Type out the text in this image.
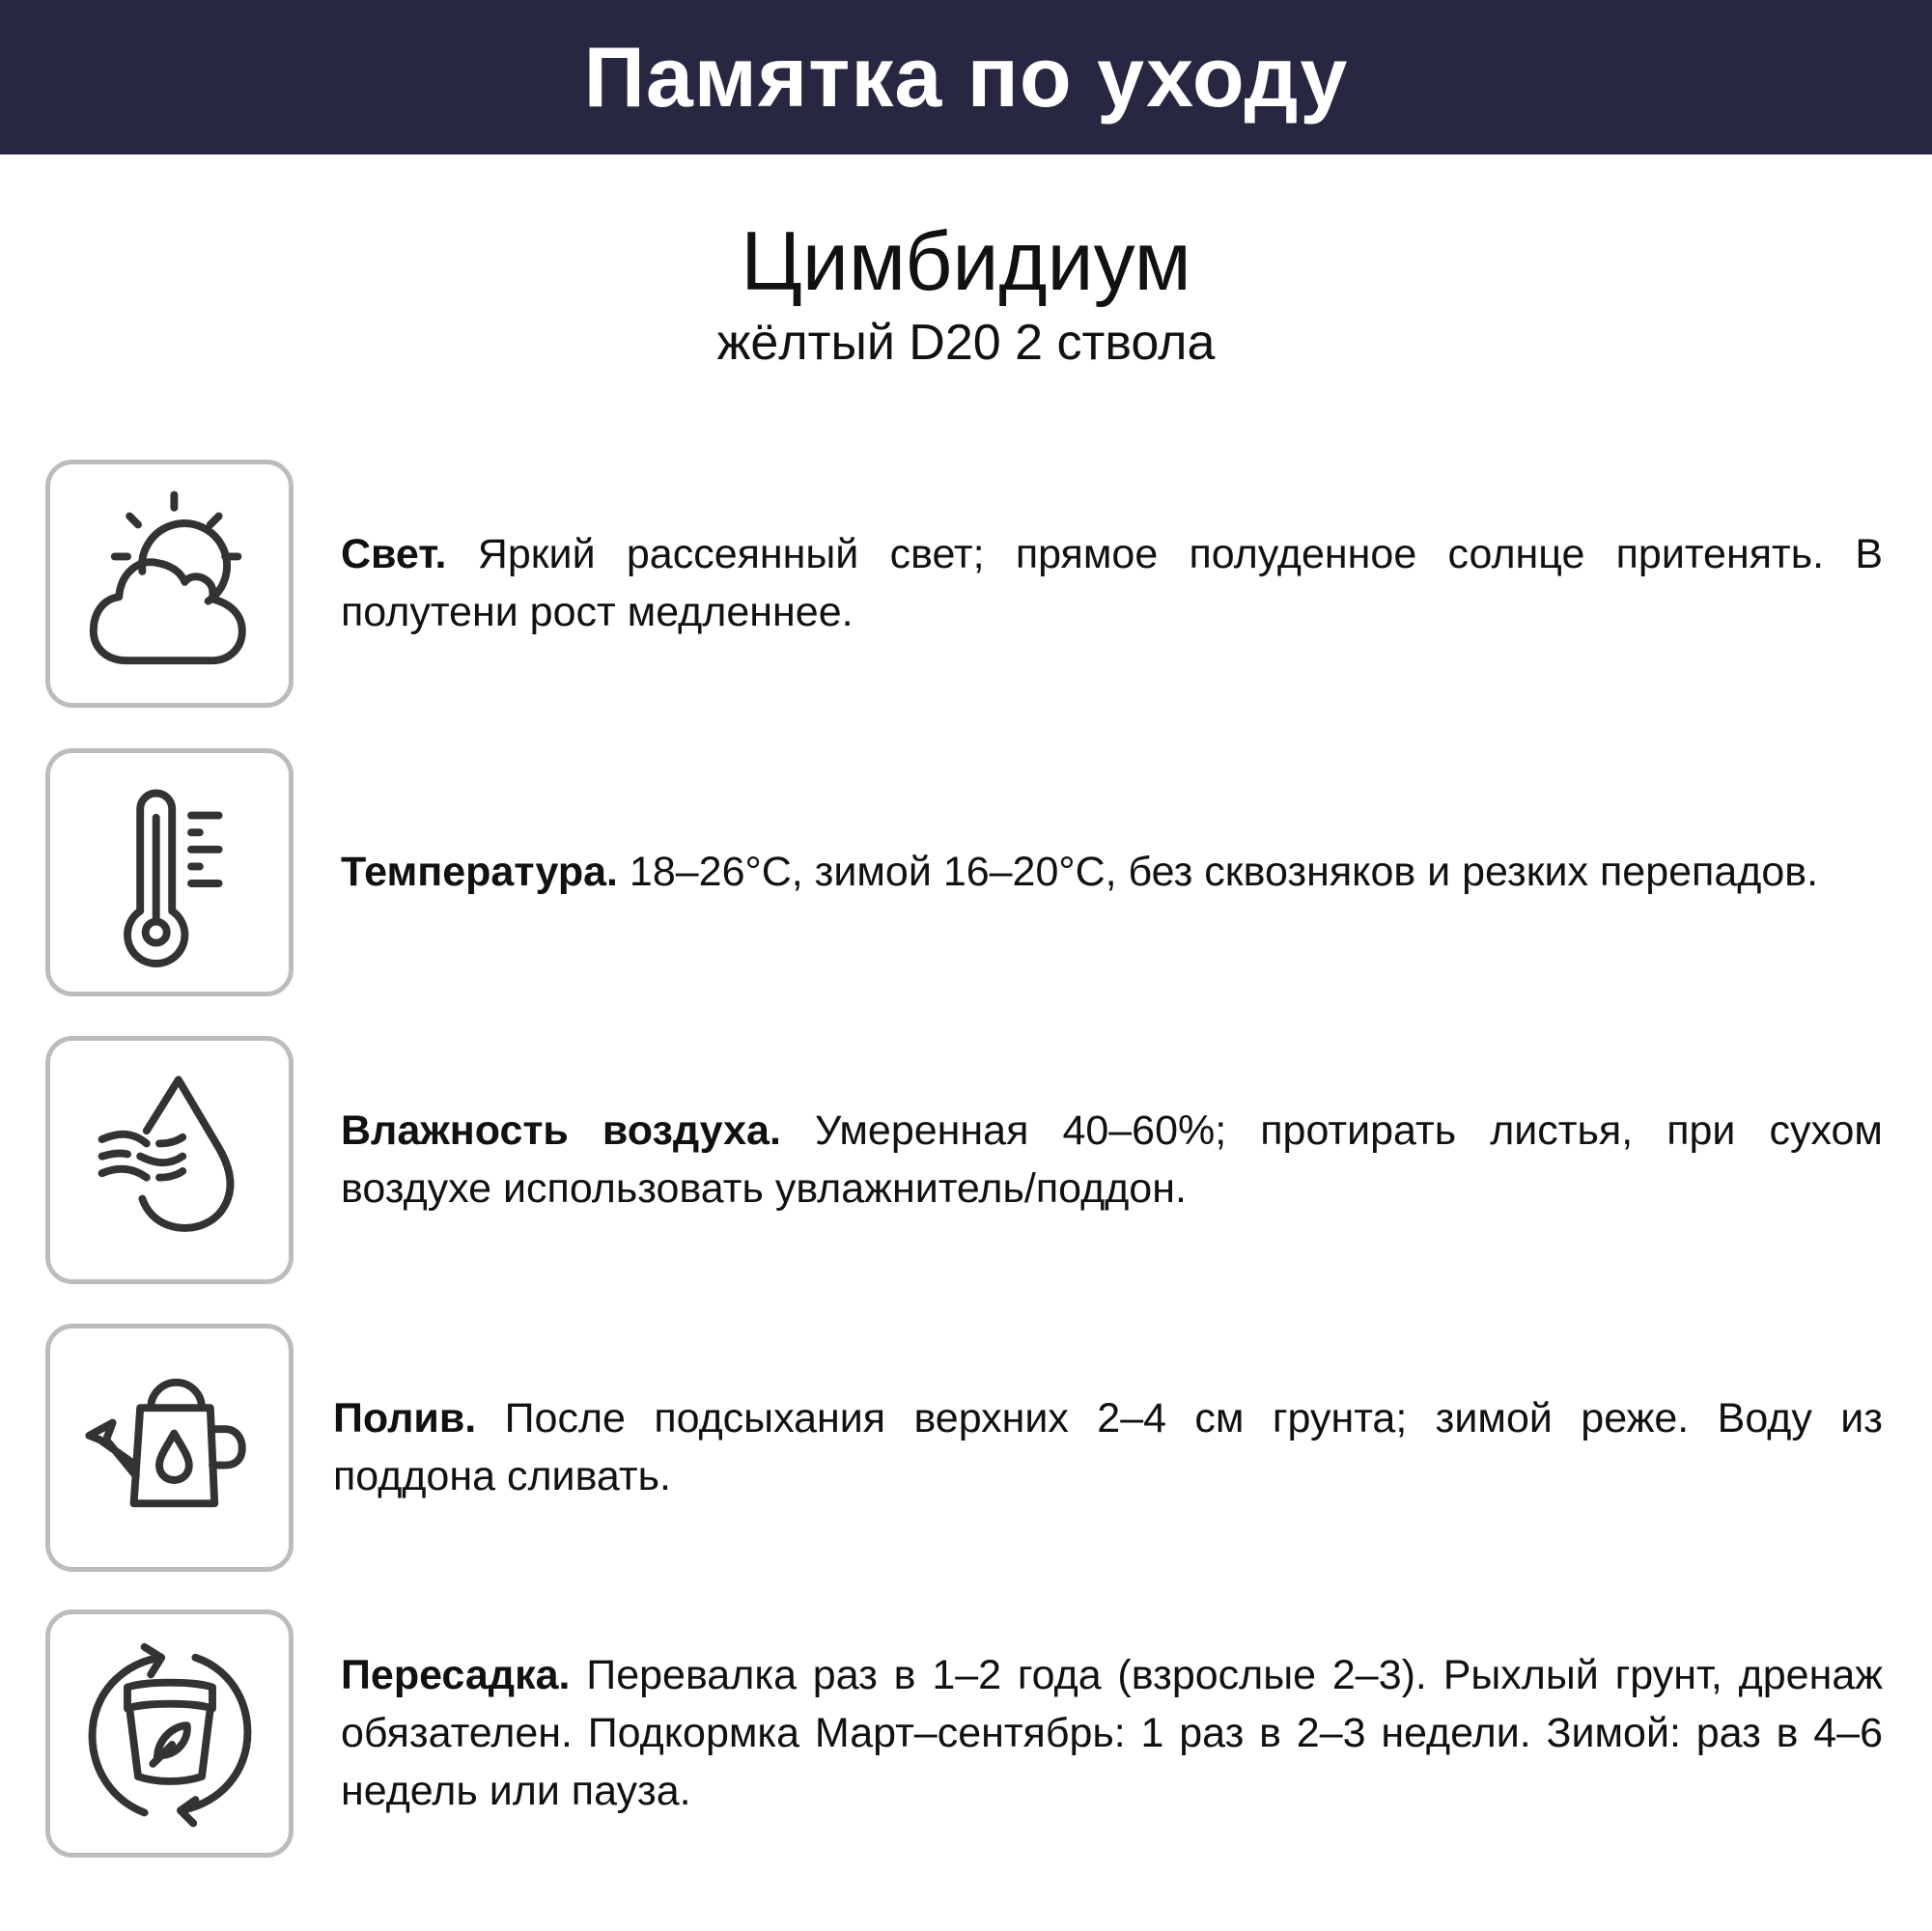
Памятка по уходу
Цимбидиум
жёлтый D20 2 ствола

Свет. Яркий рассеянный свет; прямое полуденное солнце притенять. В полутени рост медленнее.

Температура. 18–26°C, зимой 16–20°C, без сквозняков и резких перепадов.

Влажность воздуха. Умеренная 40–60%; протирать листья, при сухом воздухе использовать увлажнитель/поддон.

Полив. После подсыхания верхних 2–4 см грунта; зимой реже. Воду из поддона сливать.

Пересадка. Перевалка раз в 1–2 года (взрослые 2–3). Рыхлый грунт, дренаж обязателен. Подкормка Март–сентябрь: 1 раз в 2–3 недели. Зимой: раз в 4–6 недель или пауза.
